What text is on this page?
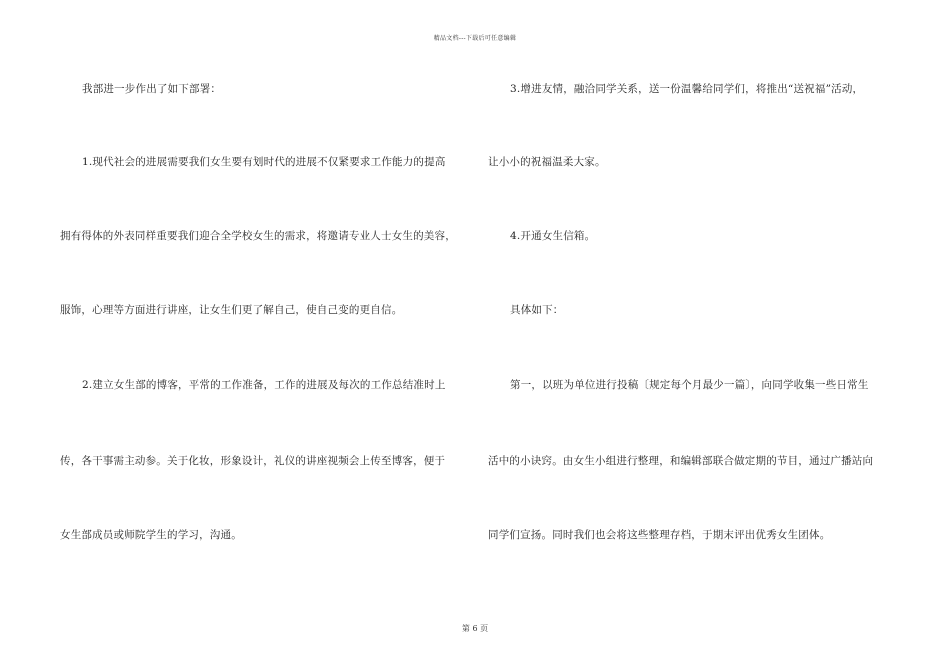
精品文档---下载后可任意编辑
我部进一步作出了如下部署：
1.现代社会的进展需要我们女生要有划时代的进展不仅紧要求工作能力的提高
拥有得体的外表同样重要我们迎合全学校女生的需求，将邀请专业人士女生的美容，
服饰，心理等方面进行讲座，让女生们更了解自己，使自己变的更自信。
2.建立女生部的博客，平常的工作准备，工作的进展及每次的工作总结准时上
传，各干事需主动参。关于化妆，形象设计，礼仪的讲座视频会上传至博客，便于
女生部成员或师院学生的学习，沟通。
3.增进友情，融洽同学关系，送一份温馨给同学们，将推出“送祝福”活动，
让小小的祝福温柔大家。
4.开通女生信箱。
具体如下：
第一，以班为单位进行投稿〔规定每个月最少一篇〕，向同学收集一些日常生
活中的小诀窍。由女生小组进行整理，和编辑部联合做定期的节目，通过广播站向
同学们宣扬。同时我们也会将这些整理存档，于期末评出优秀女生团体。
第 6 页
